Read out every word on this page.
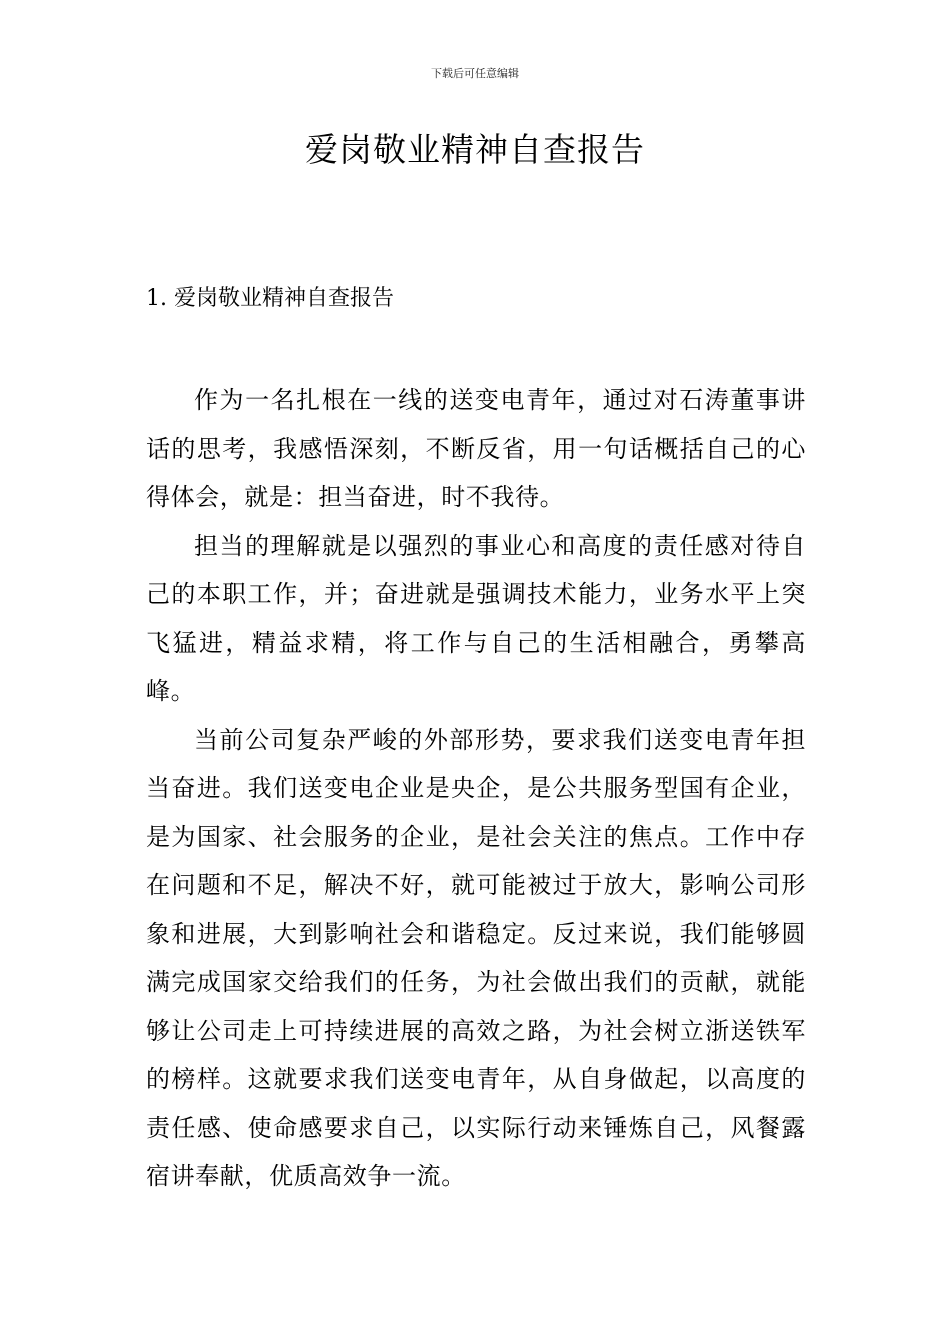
下载后可任意编辑
爱岗敬业精神自查报告
1. 爱岗敬业精神自查报告

作为一名扎根在一线的送变电青年，通过对石涛董事讲话的思考，我感悟深刻，不断反省，用一句话概括自己的心得体会，就是：担当奋进，时不我待。

担当的理解就是以强烈的事业心和高度的责任感对待自己的本职工作，并；奋进就是强调技术能力，业务水平上突飞猛进，精益求精，将工作与自己的生活相融合，勇攀高峰。

当前公司复杂严峻的外部形势，要求我们送变电青年担当奋进。我们送变电企业是央企，是公共服务型国有企业，是为国家、社会服务的企业，是社会关注的焦点。工作中存在问题和不足，解决不好，就可能被过于放大，影响公司形象和进展，大到影响社会和谐稳定。反过来说，我们能够圆满完成国家交给我们的任务，为社会做出我们的贡献，就能够让公司走上可持续进展的高效之路，为社会树立浙送铁军的榜样。这就要求我们送变电青年，从自身做起，以高度的责任感、使命感要求自己，以实际行动来锤炼自己，风餐露宿讲奉献，优质高效争一流。
